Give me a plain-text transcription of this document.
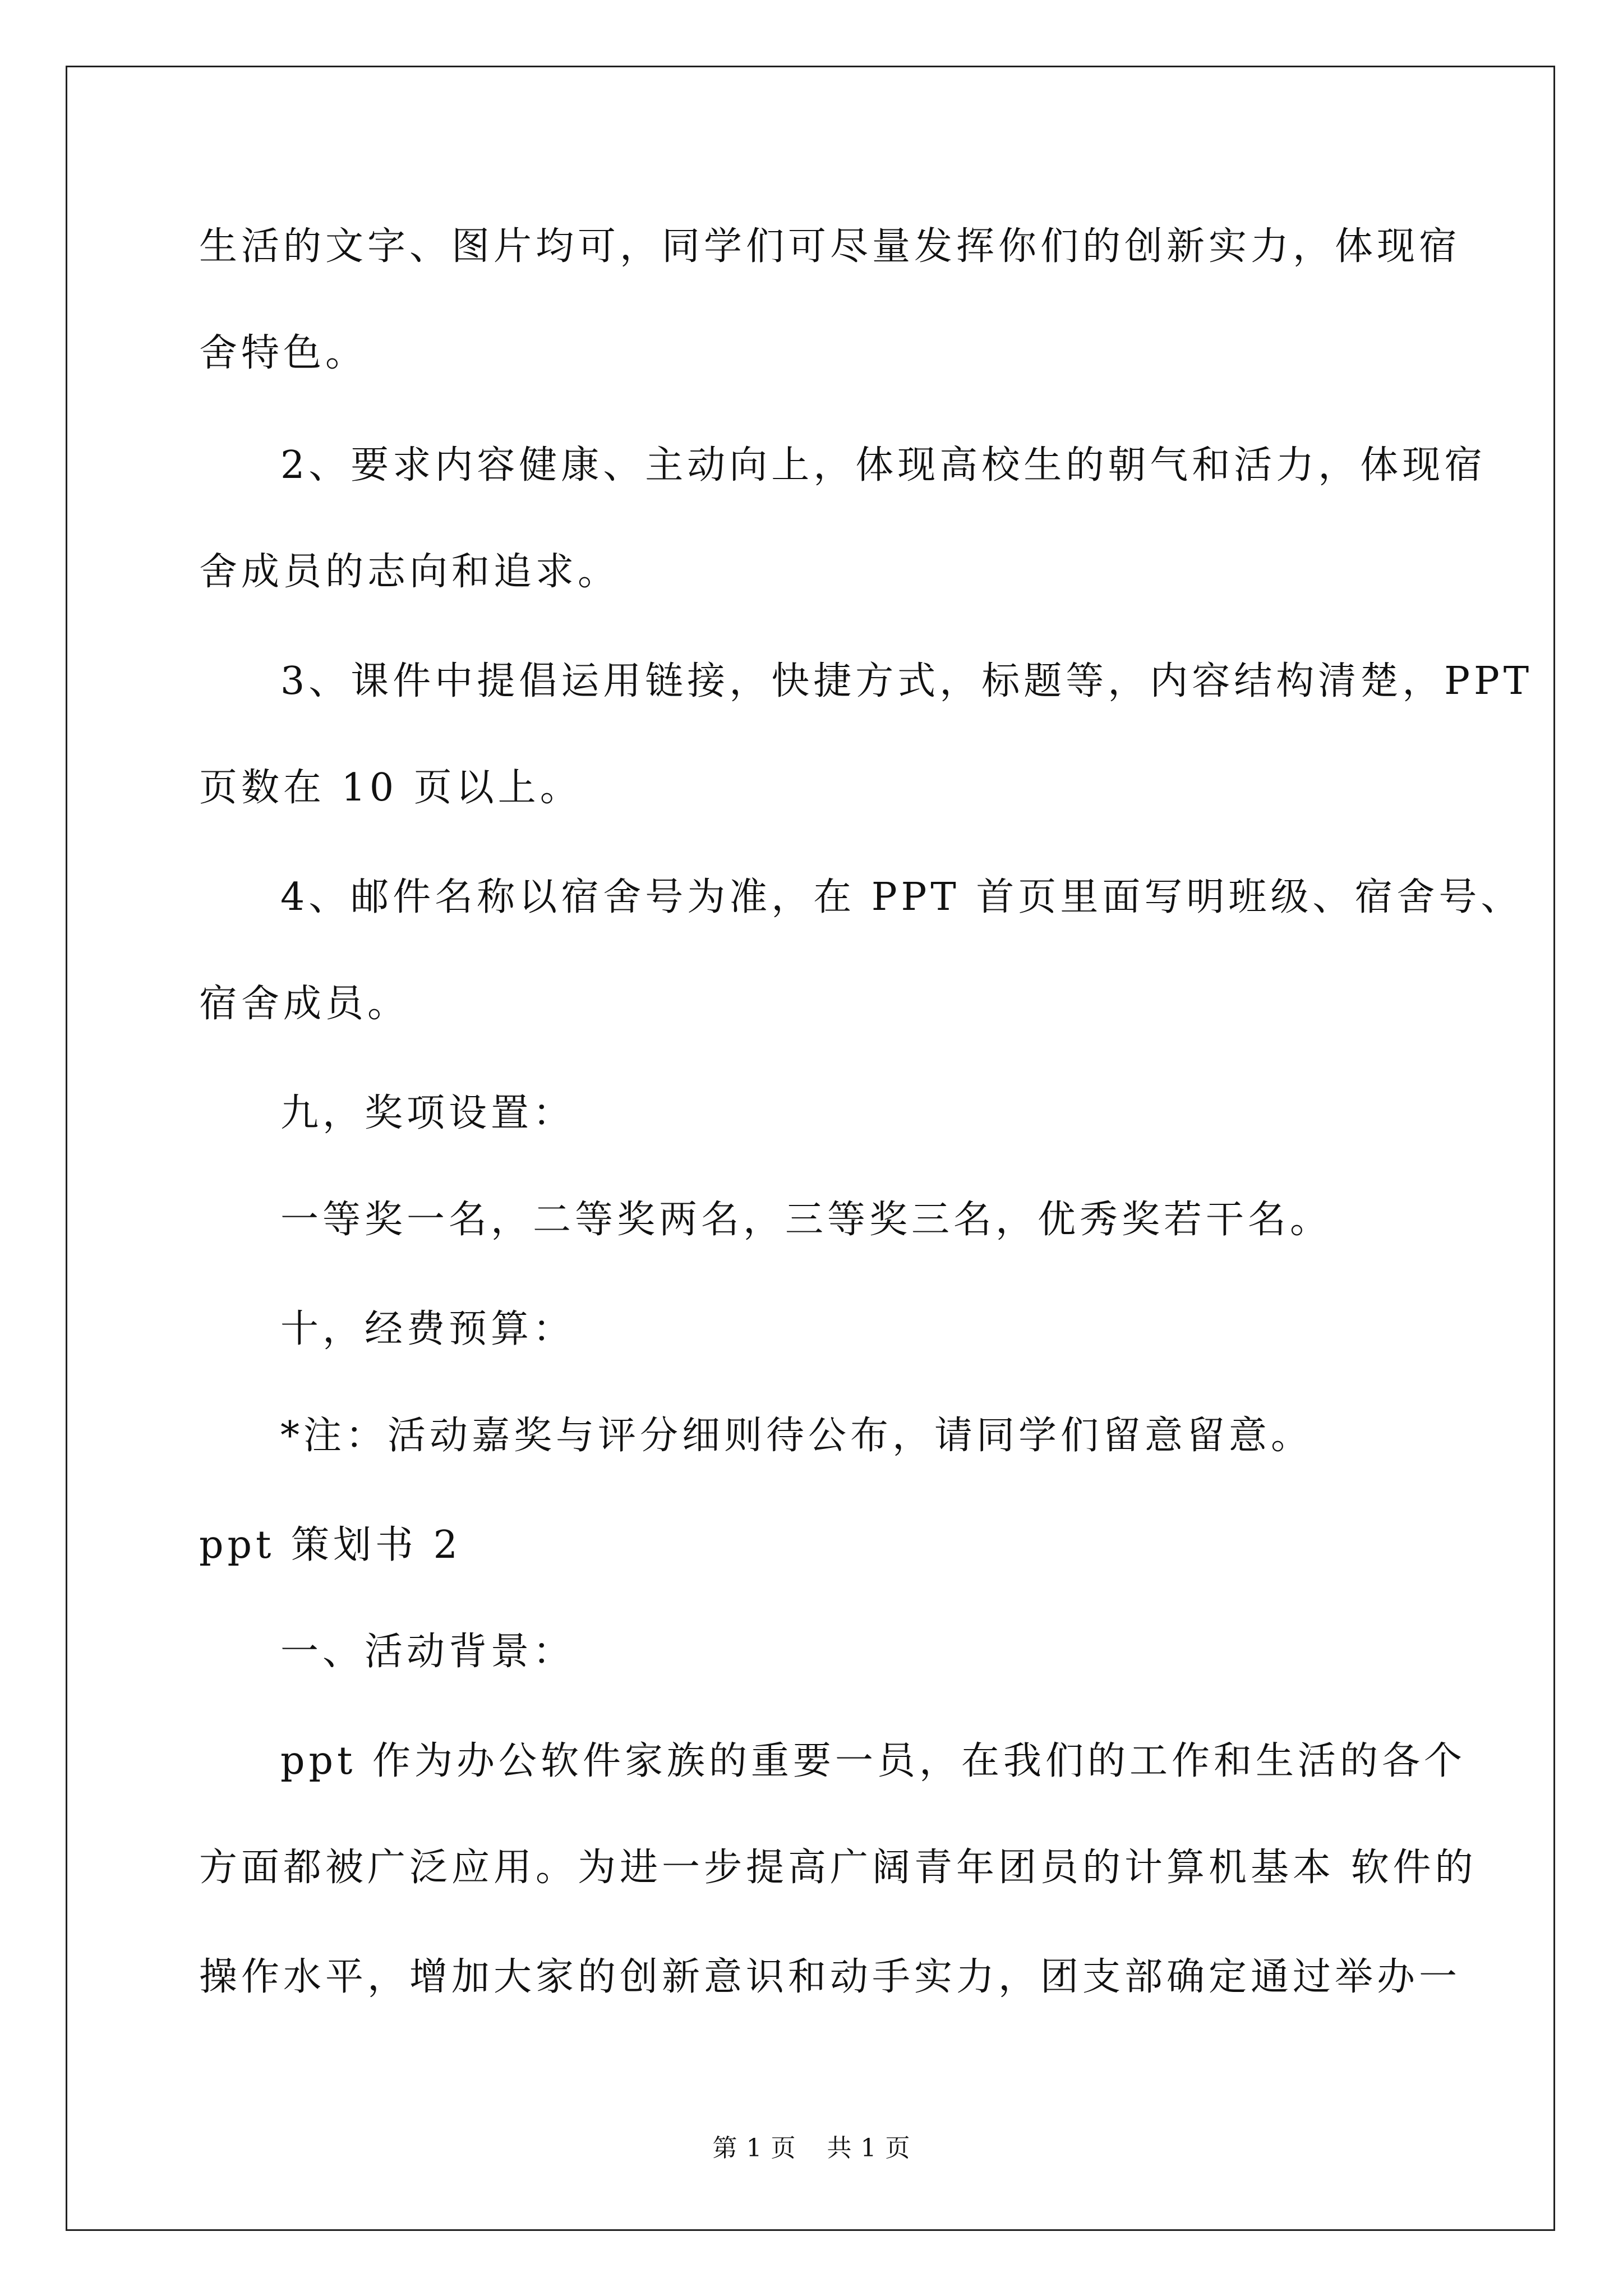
生活的文字、图片均可，同学们可尽量发挥你们的创新实力，体现宿
舍特色。
2、要求内容健康、主动向上，体现高校生的朝气和活力，体现宿
舍成员的志向和追求。
3、课件中提倡运用链接，快捷方式，标题等，内容结构清楚，PPT
页数在 10 页以上。
4、邮件名称以宿舍号为准，在 PPT 首页里面写明班级、宿舍号、
宿舍成员。
九，奖项设置：
一等奖一名，二等奖两名，三等奖三名，优秀奖若干名。
十，经费预算：
*注：活动嘉奖与评分细则待公布，请同学们留意留意。
ppt 策划书 2
一、活动背景：
ppt 作为办公软件家族的重要一员，在我们的工作和生活的各个
方面都被广泛应用。为进一步提高广阔青年团员的计算机基本 软件的
操作水平，增加大家的创新意识和动手实力，团支部确定通过举办一
第 1 页 共 1 页
